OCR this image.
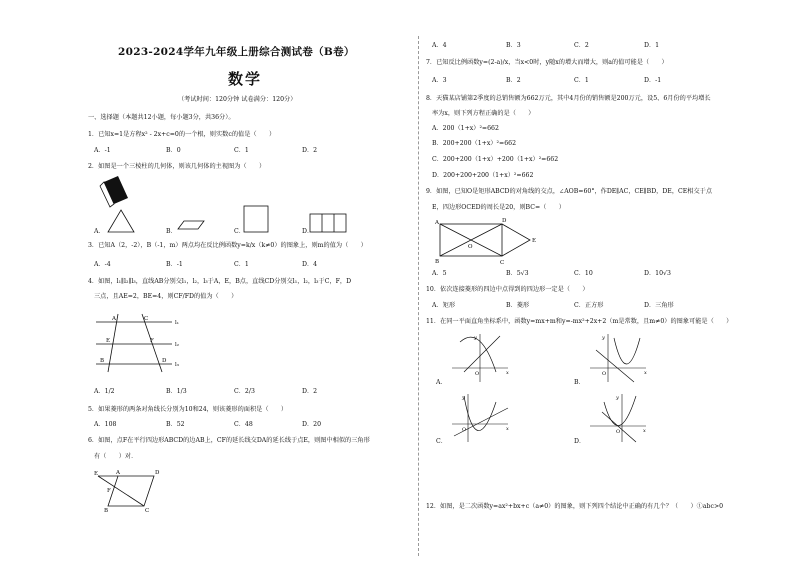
2023-2024学年九年级上册综合测试卷（B卷）
数学
（考试时间：120分钟 试卷满分：120分）
一、选择题（本题共12小题，每小题3分，共36分）。
1．已知x=1是方程x² - 2x+c=0的一个根，则实数c的值是（　　）
A．-1	B．0	C．1	D．2
2．如图是一个三棱柱的几何体，则该几何体的主视图为（　　）
A．	B．	C．	D．
3．已知A（2，-2），B（-1，m）两点均在反比例函数y=k/x（k≠0）的图象上，则m的值为（　　）
A．-4	B．-1	C．1	D．4
4．如图，l₁∥l₂∥l₃，直线AB分别交l₁，l₂，l₃于A，E，B点，直线CD分别交l₁，l₂，l₃于C，F，D
三点，且AE=2，BE=4，则CF/FD的值为（　　）
A	C
E	F
B	D
l₁
l₂
l₃
A．1/2	B．1/3	C．2/3	D．2
5．如果菱形的两条对角线长分别为10和24，则该菱形的面积是（　　）
A．108	B．52	C．48	D．20
6．如图，点F在平行四边形ABCD的边AB上，CF的延长线交DA的延长线于点E，则图中相似的三角形
有（　　）对．
E	A	D
F
B	C
A．4	B．3	C．2	D．1
7．已知反比例函数y=(2-a)/x，当x<0时，y随x的增大而增大，则a的值可能是（　　）
A．3	B．2	C．1	D．-1
8．天猫某店铺第2季度的总销售额为662万元，其中4月份的销售额是200万元，设5、6月份的平均增长
率为x，则下列方程正确的是（　　）
A．200（1+x）²=662
B．200+200（1+x）²=662
C．200+200（1+x）+200（1+x）²=662
D．200+200+200（1+x）²=662
9．如图，已知O是矩形ABCD的对角线的交点，∠AOB=60°，作DE∥AC，CE∥BD，DE，CE相交于点
E，四边形OCED的周长是20，则BC=（　　）
A	D
O
E
B	C
A．5	B．5√3	C．10	D．10√3
10．依次连接菱形的四边中点得到的四边形一定是（　　）
A．矩形	B．菱形	C．正方形	D．三角形
11．在同一平面直角坐标系中，函数y=mx+m和y=-mx²+2x+2（m是常数，且m≠0）的图象可能是（　　）
A．
x
y
O
B．
x
y
O
C．
x
y
O
D．
x
y
O
12．如图，是二次函数y=ax²+bx+c（a≠0）的图象，则下列四个结论中正确的有几个？（　　）①abc>0
